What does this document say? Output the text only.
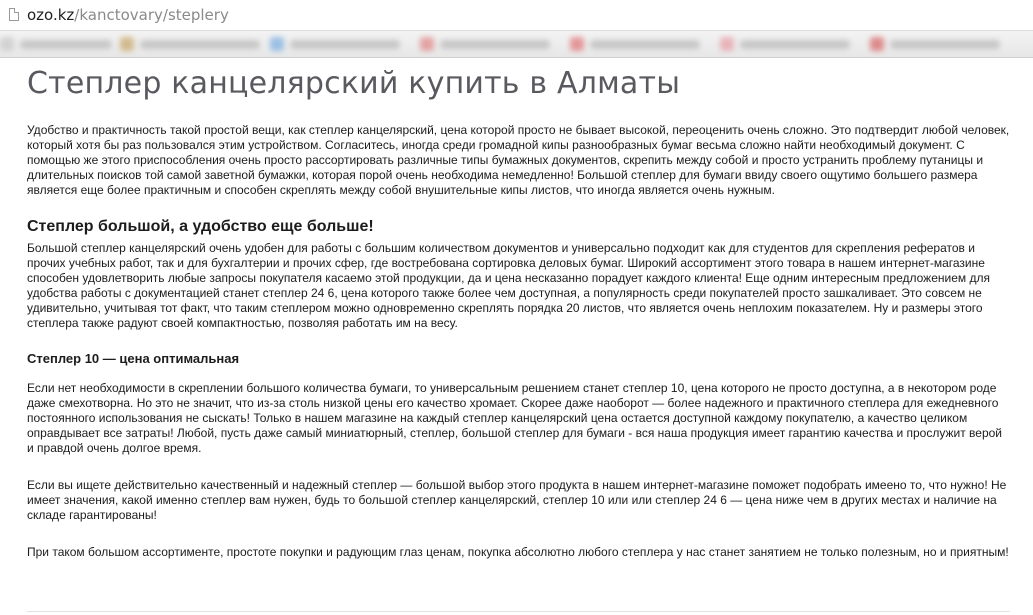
ozo.kz/kanctovary/steplery
Степлер канцелярский купить в Алматы

Удобство и практичность такой простой вещи, как степлер канцелярский, цена которой просто не бывает высокой, переоценить очень сложно. Это подтвердит любой человек, который хотя бы раз пользовался этим устройством. Согласитесь, иногда среди громадной кипы разнообразных бумаг весьма сложно найти необходимый документ. С помощью же этого приспособления очень просто рассортировать различные типы бумажных документов, скрепить между собой и просто устранить проблему путаницы и длительных поисков той самой заветной бумажки, которая порой очень необходима немедленно! Большой степлер для бумаги ввиду своего ощутимо большего размера является еще более практичным и способен скреплять между собой внушительные кипы листов, что иногда является очень нужным.

Степлер большой, а удобство еще больше!

Большой степлер канцелярский очень удобен для работы с большим количеством документов и универсально подходит как для студентов для скрепления рефератов и прочих учебных работ, так и для бухгалтерии и прочих сфер, где востребована сортировка деловых бумаг. Широкий ассортимент этого товара в нашем интернет-магазине способен удовлетворить любые запросы покупателя касаемо этой продукции, да и цена несказанно порадует каждого клиента! Еще одним интересным предложением для удобства работы с документацией станет степлер 24 6, цена которого также более чем доступная, а популярность среди покупателей просто зашкаливает. Это совсем не удивительно, учитывая тот факт, что таким степлером можно одновременно скреплять порядка 20 листов, что является очень неплохим показателем. Ну и размеры этого степлера также радуют своей компактностью, позволяя работать им на весу.

Степлер 10 — цена оптимальная

Если нет необходимости в скреплении большого количества бумаги, то универсальным решением станет степлер 10, цена которого не просто доступна, а в некотором роде даже смехотворна. Но это не значит, что из-за столь низкой цены его качество хромает. Скорее даже наоборот — более надежного и практичного степлера для ежедневного постоянного использования не сыскать! Только в нашем магазине на каждый степлер канцелярский цена остается доступной каждому покупателю, а качество целиком оправдывает все затраты! Любой, пусть даже самый миниатюрный, степлер, большой степлер для бумаги - вся наша продукция имеет гарантию качества и прослужит верой и правдой очень долгое время.

Если вы ищете действительно качественный и надежный степлер — большой выбор этого продукта в нашем интернет-магазине поможет подобрать имеено то, что нужно! Не имеет значения, какой именно степлер вам нужен, будь то большой степлер канцелярский, степлер 10 или или степлер 24 6 — цена ниже чем в других местах и наличие на складе гарантированы!

При таком большом ассортименте, простоте покупки и радующим глаз ценам, покупка абсолютно любого степлера у нас станет занятием не только полезным, но и приятным!
